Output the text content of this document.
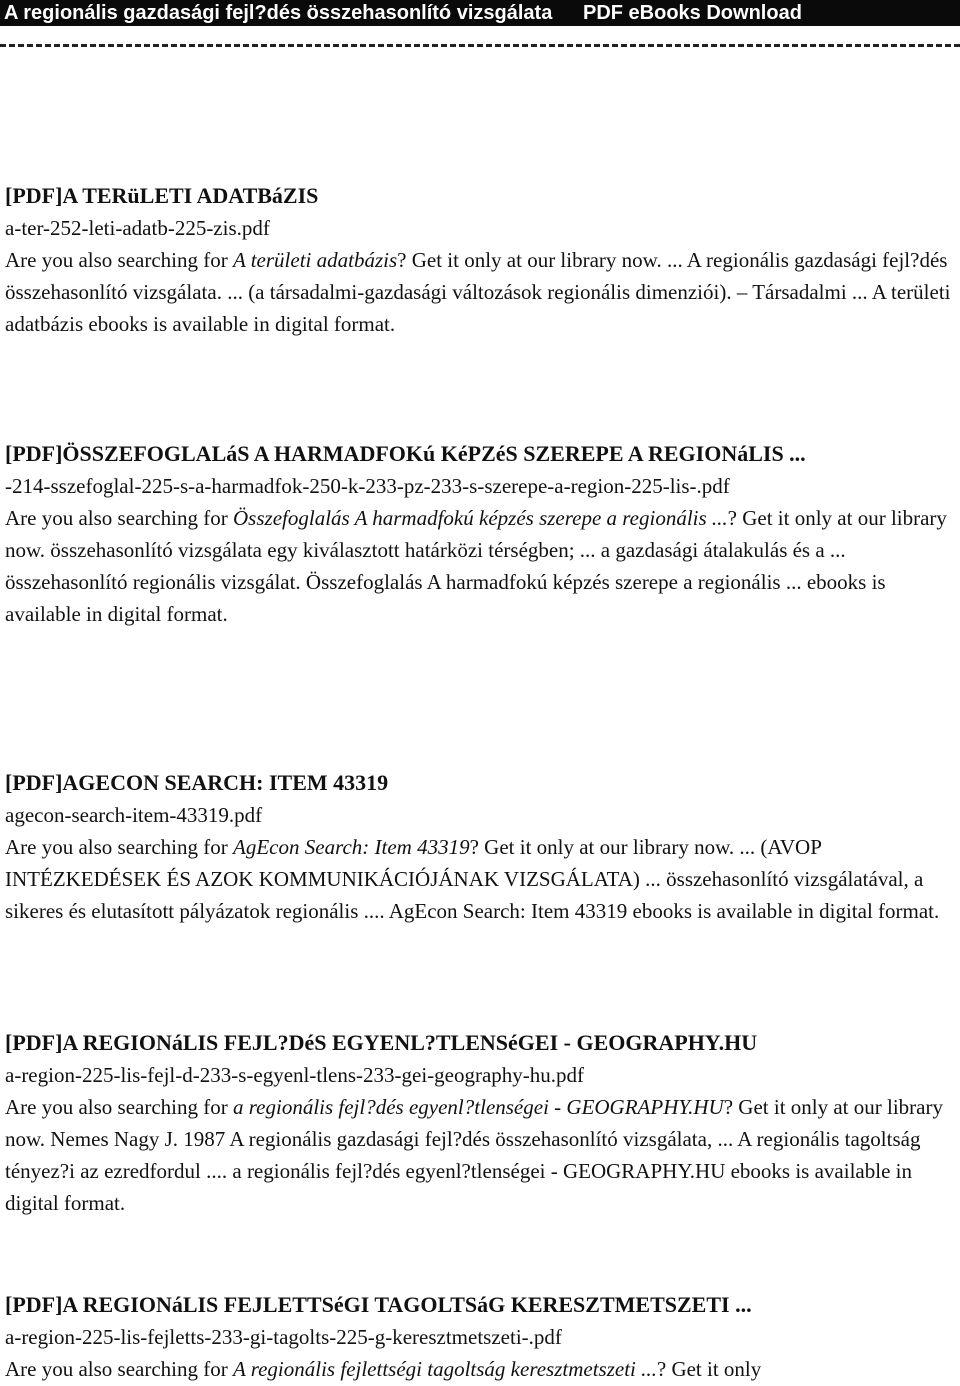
A regionális gazdasági fejl?dés összehasonlító vizsgálata PDF eBooks Download
[PDF]A TERüLETI ADATBáZIS
a-ter-252-leti-adatb-225-zis.pdf
Are you also searching for A területi adatbázis? Get it only at our library now. ... A regionális gazdasági fejl?dés összehasonlító vizsgálata. ... (a társadalmi-gazdasági változások regionális dimenziói). ‒ Társadalmi ... A területi adatbázis ebooks is available in digital format.
[PDF]ÖSSZEFOGLALáS A HARMADFOKú KéPZéS SZEREPE A REGIONáLIS ...
-214-sszefoglal-225-s-a-harmadfok-250-k-233-pz-233-s-szerepe-a-region-225-lis-.pdf
Are you also searching for Összefoglalás A harmadfokú képzés szerepe a regionális ...? Get it only at our library now. összehasonlító vizsgálata egy kiválasztott határközi térségben; ... a gazdasági átalakulás és a ... összehasonlító regionális vizsgálat. Összefoglalás A harmadfokú képzés szerepe a regionális ... ebooks is available in digital format.
[PDF]AGECON SEARCH: ITEM 43319
agecon-search-item-43319.pdf
Are you also searching for AgEcon Search: Item 43319? Get it only at our library now. ... (AVOP INTÉZKEDÉSEK ÉS AZOK KOMMUNIKÁCIÓJÁNAK VIZSGÁLATA) ... összehasonlító vizsgálatával, a sikeres és elutasított pályázatok regionális .... AgEcon Search: Item 43319 ebooks is available in digital format.
[PDF]A REGIONáLIS FEJL?DéS EGYENL?TLENSéGEI - GEOGRAPHY.HU
a-region-225-lis-fejl-d-233-s-egyenl-tlens-233-gei-geography-hu.pdf
Are you also searching for a regionális fejl?dés egyenl?tlenségei - GEOGRAPHY.HU? Get it only at our library now. Nemes Nagy J. 1987 A regionális gazdasági fejl?dés összehasonlító vizsgálata, ... A regionális tagoltság tényez?i az ezredfordul .... a regionális fejl?dés egyenl?tlenségei - GEOGRAPHY.HU ebooks is available in digital format.
[PDF]A REGIONáLIS FEJLETTSéGI TAGOLTSáG KERESZTMETSZETI ...
a-region-225-lis-fejletts-233-gi-tagolts-225-g-keresztmetszeti-.pdf
Are you also searching for A regionális fejlettségi tagoltság keresztmetszeti ...? Get it only
